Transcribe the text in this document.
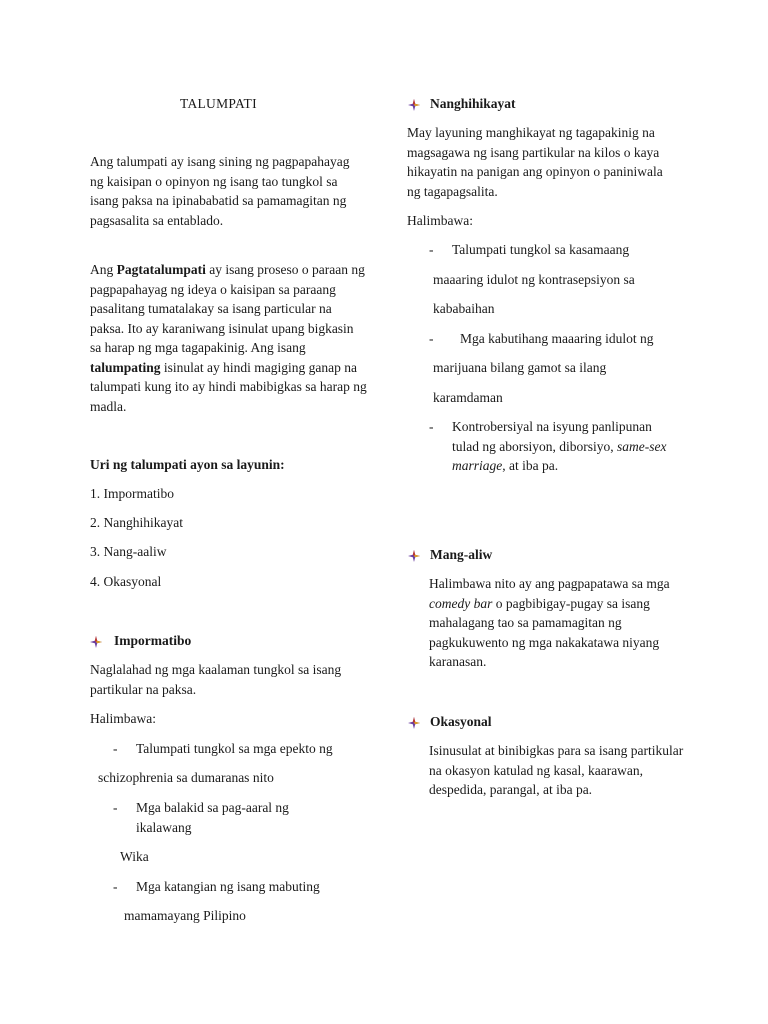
TALUMPATI

Ang talumpati ay isang sining ng pagpapahayag ng kaisipan o opinyon ng isang tao tungkol sa isang paksa na ipinababatid sa pamamagitan ng pagsasalita sa entablado.

Ang Pagtatalumpati ay isang proseso o paraan ng pagpapahayag ng ideya o kaisipan sa paraang pasalitang tumatalakay sa isang particular na paksa. Ito ay karaniwang isinulat upang bigkasin sa harap ng mga tagapakinig. Ang isang talumpating isinulat ay hindi magiging ganap na talumpati kung ito ay hindi mabibigkas sa harap ng madla.

Uri ng talumpati ayon sa layunin:

1. Impormatibo

2. Nanghihikayat

3. Nang-aaliw

4. Okasyonal

Impormatibo

Naglalahad ng mga kaalaman tungkol sa isang partikular na paksa.

Halimbawa:

- Talumpati tungkol sa mga epekto ng

schizophrenia sa dumaranas nito

- Mga balakid sa pag-aaral ng

ikalawang

Wika

- Mga katangian ng isang mabuting

mamamayang Pilipino

Nanghihikayat

May layuning manghikayat ng tagapakinig na magsagawa ng isang partikular na kilos o kaya hikayatin na panigan ang opinyon o paniniwala ng tagapagsalita.

Halimbawa:

- Talumpati tungkol sa kasamaang

maaaring idulot ng kontrasepsiyon sa

kababaihan

- Mga kabutihang maaaring idulot ng

marijuana bilang gamot sa ilang

karamdaman

- Kontrobersiyal na isyung panlipunan tulad ng aborsiyon, diborsiyo, same-sex marriage, at iba pa.

Mang-aliw

Halimbawa nito ay ang pagpapatawa sa mga comedy bar o pagbibigay-pugay sa isang mahalagang tao sa pamamagitan ng pagkukuwento ng mga nakakatawa niyang karanasan.

Okasyonal

Isinusulat at binibigkas para sa isang partikular na okasyon katulad ng kasal, kaarawan, despedida, parangal, at iba pa.
